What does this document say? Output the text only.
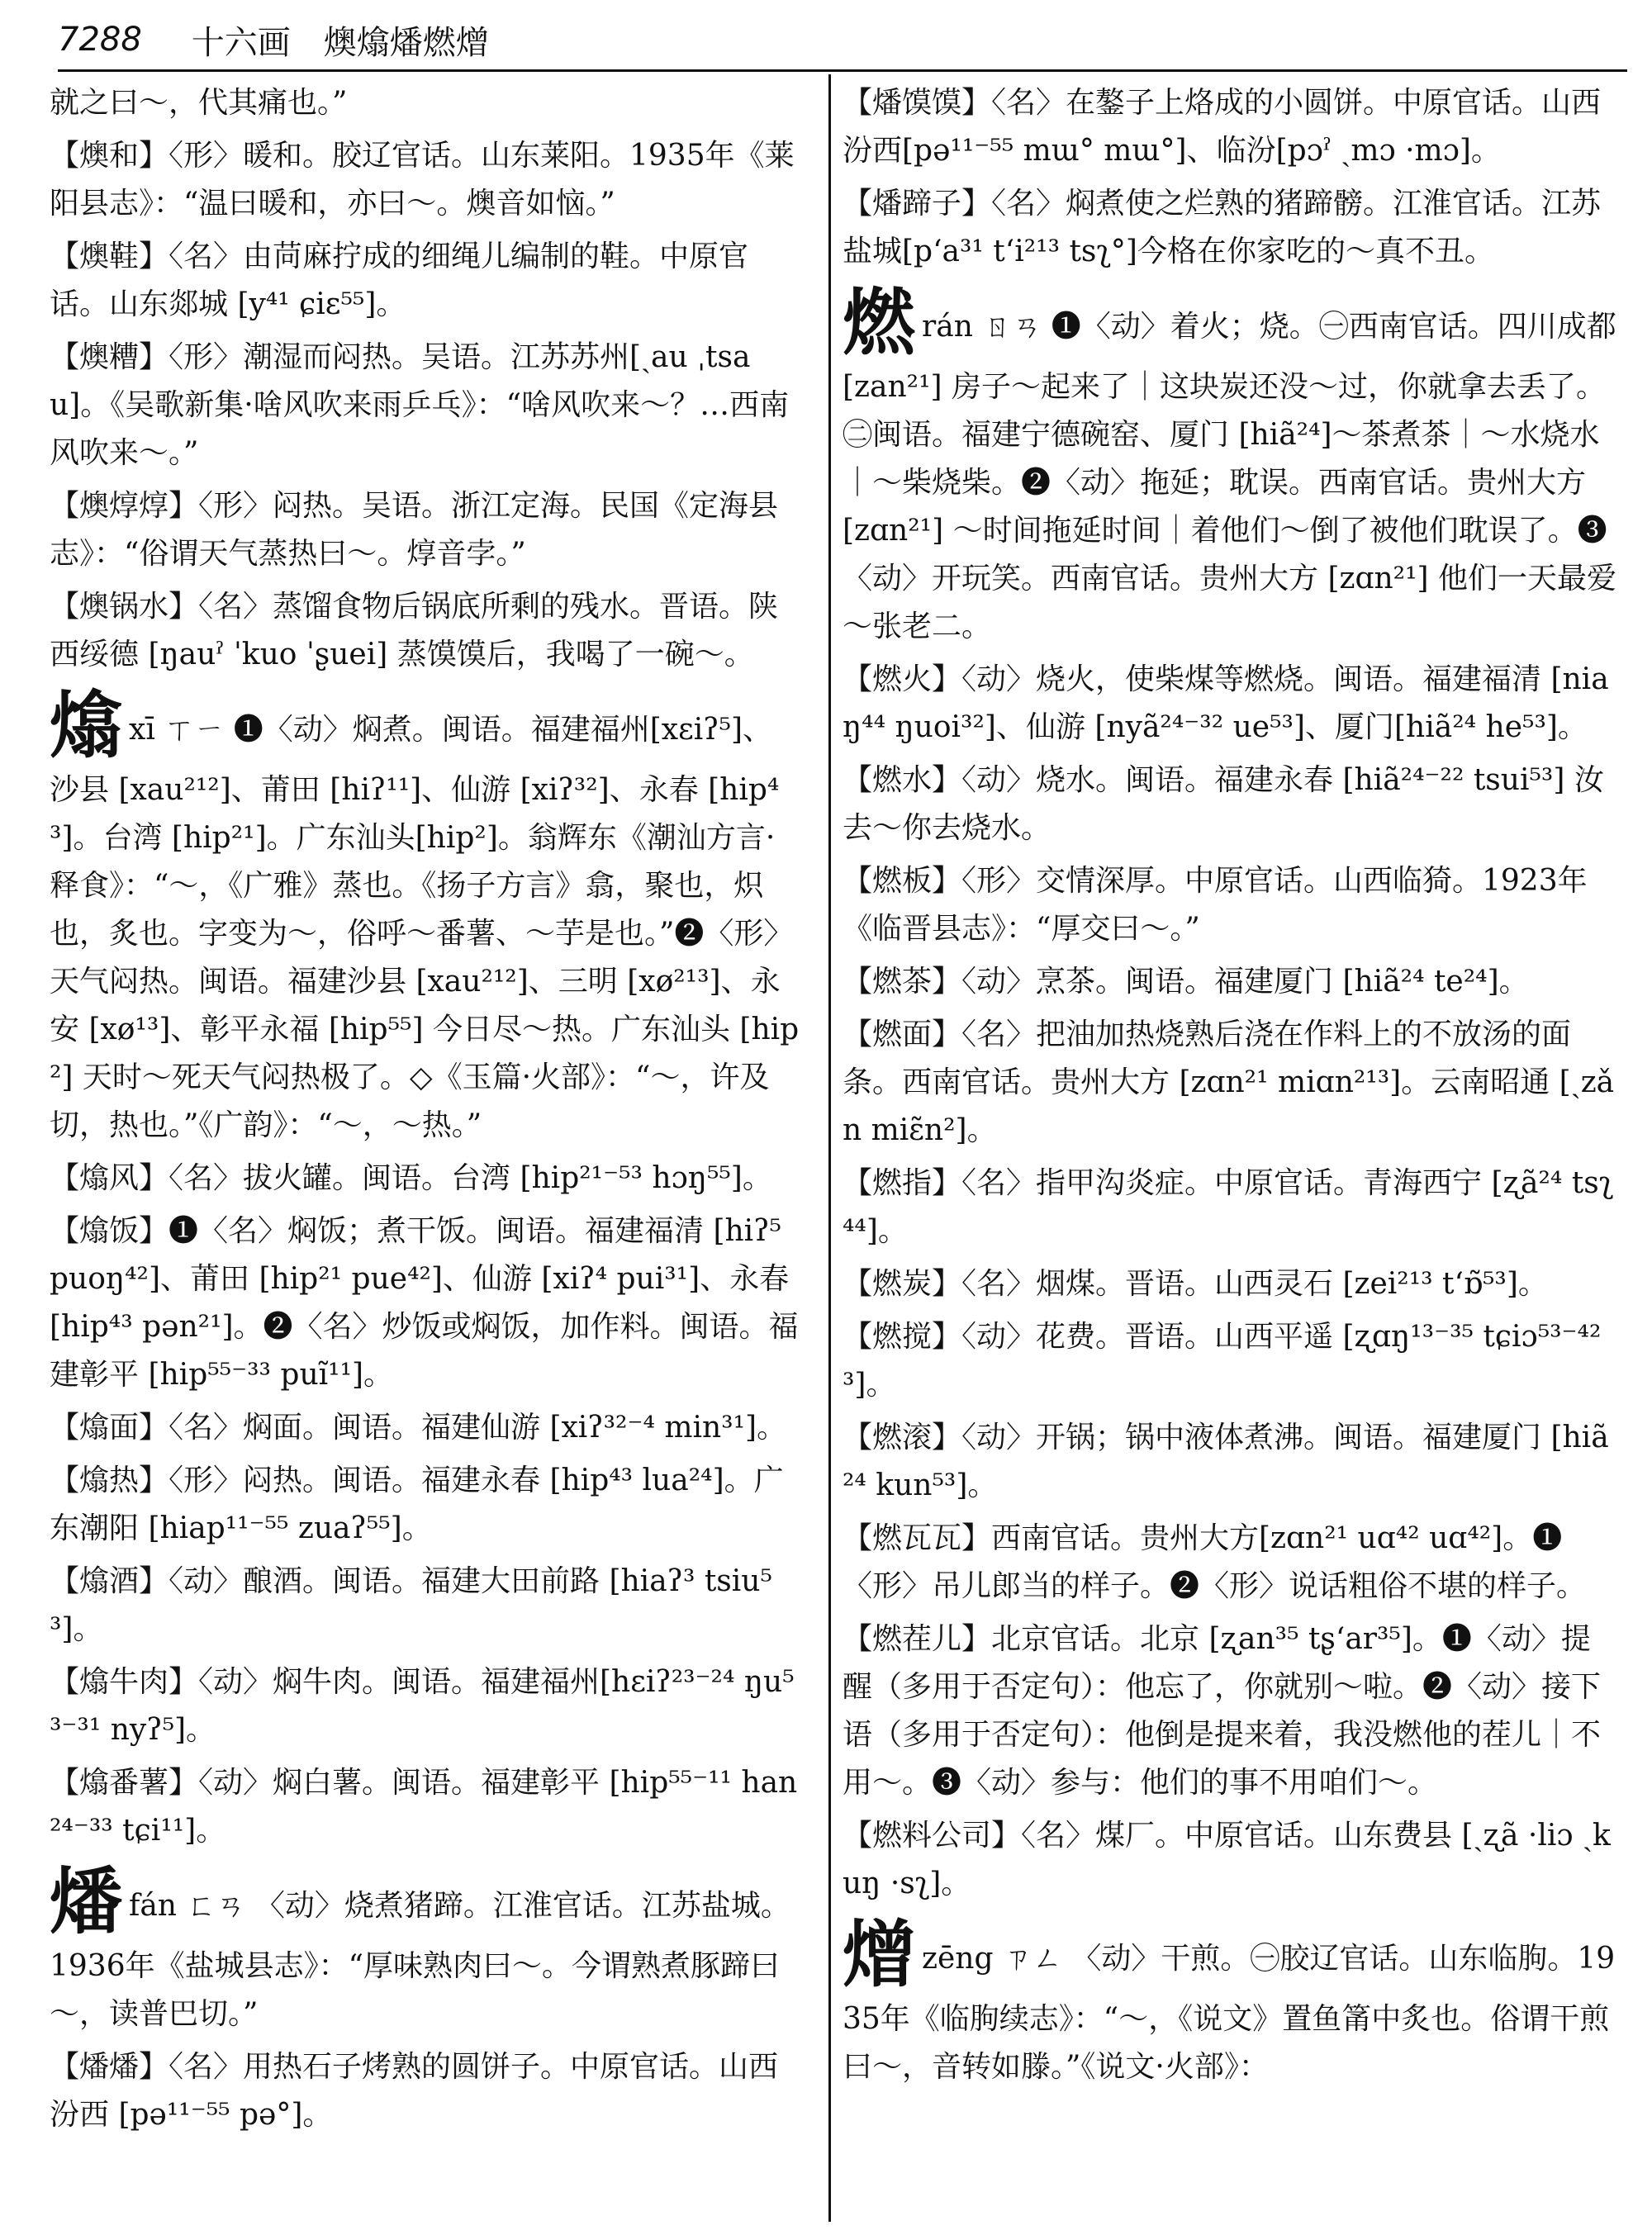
7288 十六画 燠熻燔燃熷

就之曰～，代其痛也。”

【燠和】〈形〉暖和。胶辽官话。山东莱阳。1935年《莱阳县志》：“温曰暖和，亦曰～。燠音如恼。”

【燠鞋】〈名〉由苘麻拧成的细绳儿编制的鞋。中原官话。山东郯城 [y⁴¹ ɕiɛ⁵⁵]。

【燠糟】〈形〉潮湿而闷热。吴语。江苏苏州[ˏau ˌtsau]。《吴歌新集·啥风吹来雨乒乓》：“啥风吹来～？…西南风吹来～。”

【燠焞焞】〈形〉闷热。吴语。浙江定海。民国《定海县志》：“俗谓天气蒸热曰～。焞音孛。”

【燠锅水】〈名〉蒸馏食物后锅底所剩的残水。晋语。陕西绥德 [ŋauˀ ˈkuo ˈʂuei] 蒸馍馍后，我喝了一碗～。

熻xī ㄒㄧ ❶〈动〉焖煮。闽语。福建福州[xɛiʔ⁵]、沙县 [xau²¹²]、莆田 [hiʔ¹¹]、仙游 [xiʔ³²]、永春 [hip⁴³]。台湾 [hip²¹]。广东汕头[hip²]。翁辉东《潮汕方言·释食》：“～，《广雅》蒸也。《扬子方言》翕，聚也，炽也，炙也。字变为～，俗呼～番薯、～芋是也。”❷〈形〉天气闷热。闽语。福建沙县 [xau²¹²]、三明 [xø²¹³]、永安 [xø¹³]、彰平永福 [hip⁵⁵] 今日尽～热。广东汕头 [hip²] 天时～死天气闷热极了。◇《玉篇·火部》：“～，许及切，热也。”《广韵》：“～，～热。”

【熻风】〈名〉拔火罐。闽语。台湾 [hip²¹⁻⁵³ hɔŋ⁵⁵]。

【熻饭】❶〈名〉焖饭；煮干饭。闽语。福建福清 [hiʔ⁵ puoŋ⁴²]、莆田 [hip²¹ pue⁴²]、仙游 [xiʔ⁴ pui³¹]、永春 [hip⁴³ pən²¹]。❷〈名〉炒饭或焖饭，加作料。闽语。福建彰平 [hip⁵⁵⁻³³ puĩ¹¹]。

【熻面】〈名〉焖面。闽语。福建仙游 [xiʔ³²⁻⁴ min³¹]。

【熻热】〈形〉闷热。闽语。福建永春 [hip⁴³ lua²⁴]。广东潮阳 [hiap¹¹⁻⁵⁵ zuaʔ⁵⁵]。

【熻酒】〈动〉酿酒。闽语。福建大田前路 [hiaʔ³ tsiu⁵³]。

【熻牛肉】〈动〉焖牛肉。闽语。福建福州[hɛiʔ²³⁻²⁴ ŋu⁵³⁻³¹ nyʔ⁵]。

【熻番薯】〈动〉焖白薯。闽语。福建彰平 [hip⁵⁵⁻¹¹ han²⁴⁻³³ tɕi¹¹]。

燔fán ㄈㄢ 〈动〉烧煮猪蹄。江淮官话。江苏盐城。1936年《盐城县志》：“厚味熟肉曰～。今谓熟煮豚蹄曰～，读普巴切。”

【燔燔】〈名〉用热石子烤熟的圆饼子。中原官话。山西汾西 [pə¹¹⁻⁵⁵ pə°]。

【燔馍馍】〈名〉在鏊子上烙成的小圆饼。中原官话。山西汾西[pə¹¹⁻⁵⁵ mɯ° mɯ°]、临汾[pɔˀ ˏmɔ ·mɔ]。

【燔蹄子】〈名〉焖煮使之烂熟的猪蹄髈。江淮官话。江苏盐城[p‘a³¹ t‘i²¹³ tsʅ°]今格在你家吃的～真不丑。

燃rán ㄖㄢ ❶〈动〉着火；烧。㊀西南官话。四川成都 [zan²¹] 房子～起来了｜这块炭还没～过，你就拿去丢了。㊁闽语。福建宁德碗窑、厦门 [hiã²⁴]～茶煮茶｜～水烧水｜～柴烧柴。❷〈动〉拖延；耽误。西南官话。贵州大方 [zɑn²¹] ～时间拖延时间｜着他们～倒了被他们耽误了。❸〈动〉开玩笑。西南官话。贵州大方 [zɑn²¹] 他们一天最爱～张老二。

【燃火】〈动〉烧火，使柴煤等燃烧。闽语。福建福清 [niaŋ⁴⁴ ŋuoi³²]、仙游 [nyã²⁴⁻³² ue⁵³]、厦门[hiã²⁴ he⁵³]。

【燃水】〈动〉烧水。闽语。福建永春 [hiã²⁴⁻²² tsui⁵³] 汝去～你去烧水。

【燃板】〈形〉交情深厚。中原官话。山西临猗。1923年《临晋县志》：“厚交曰～。”

【燃茶】〈动〉烹茶。闽语。福建厦门 [hiã²⁴ te²⁴]。

【燃面】〈名〉把油加热烧熟后浇在作料上的不放汤的面条。西南官话。贵州大方 [zɑn²¹ miɑn²¹³]。云南昭通 [ˏzǎn miɛ̃n²]。

【燃指】〈名〉指甲沟炎症。中原官话。青海西宁 [ʐã²⁴ tsʅ⁴⁴]。

【燃炭】〈名〉烟煤。晋语。山西灵石 [zei²¹³ t‘ɒ̃⁵³]。

【燃搅】〈动〉花费。晋语。山西平遥 [ʐɑŋ¹³⁻³⁵ tɕiɔ⁵³⁻⁴²³]。

【燃滚】〈动〉开锅；锅中液体煮沸。闽语。福建厦门 [hiã²⁴ kun⁵³]。

【燃瓦瓦】西南官话。贵州大方[zɑn²¹ uɑ⁴² uɑ⁴²]。❶〈形〉吊儿郎当的样子。❷〈形〉说话粗俗不堪的样子。

【燃茬儿】北京官话。北京 [ʐan³⁵ tʂ‘ar³⁵]。❶〈动〉提醒（多用于否定句）：他忘了，你就别～啦。❷〈动〉接下语（多用于否定句）：他倒是提来着，我没燃他的茬儿｜不用～。❸〈动〉参与：他们的事不用咱们～。

【燃料公司】〈名〉煤厂。中原官话。山东费县 [ˏʐã ·liɔ ˏkuŋ ·sʅ]。

熷zēng ㄗㄥ 〈动〉干煎。㊀胶辽官话。山东临朐。1935年《临朐续志》：“～，《说文》置鱼筩中炙也。俗谓干煎曰～，音转如滕。”《说文·火部》：
